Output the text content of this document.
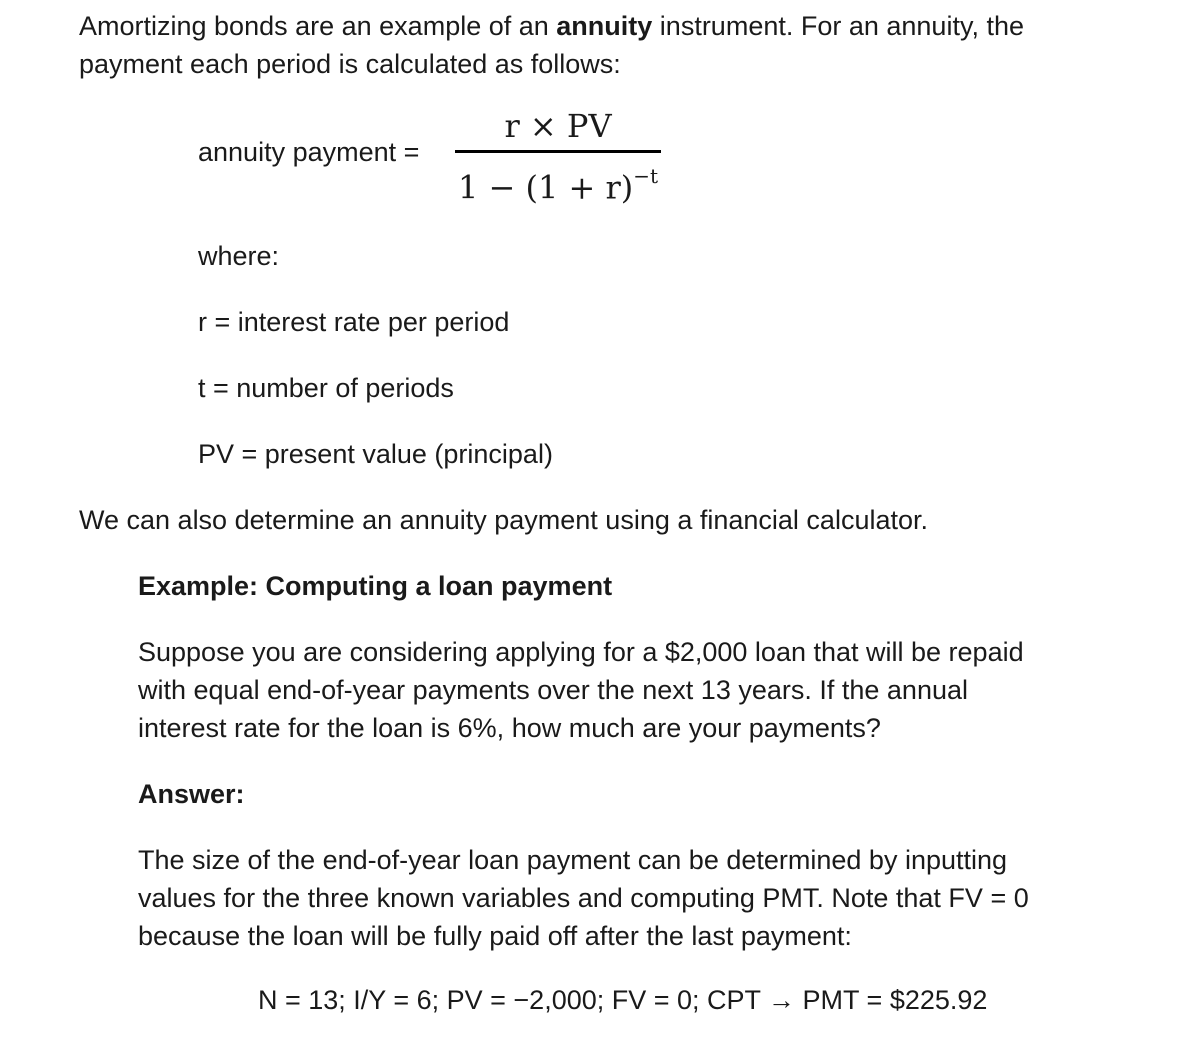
Amortizing bonds are an example of an annuity instrument. For an annuity, the
payment each period is calculated as follows:
annuity payment =
r × PV
$1 - (1 + r)^{-t}$
where:
r = interest rate per period
t = number of periods
PV = present value (principal)
We can also determine an annuity payment using a financial calculator.
Example: Computing a loan payment
Suppose you are considering applying for a $2,000 loan that will be repaid
with equal end-of-year payments over the next 13 years. If the annual
interest rate for the loan is 6%, how much are your payments?
Answer:
The size of the end-of-year loan payment can be determined by inputting
values for the three known variables and computing PMT. Note that FV = 0
because the loan will be fully paid off after the last payment:
N = 13; I/Y = 6; PV = −2,000; FV = 0; CPT → PMT = $225.92
